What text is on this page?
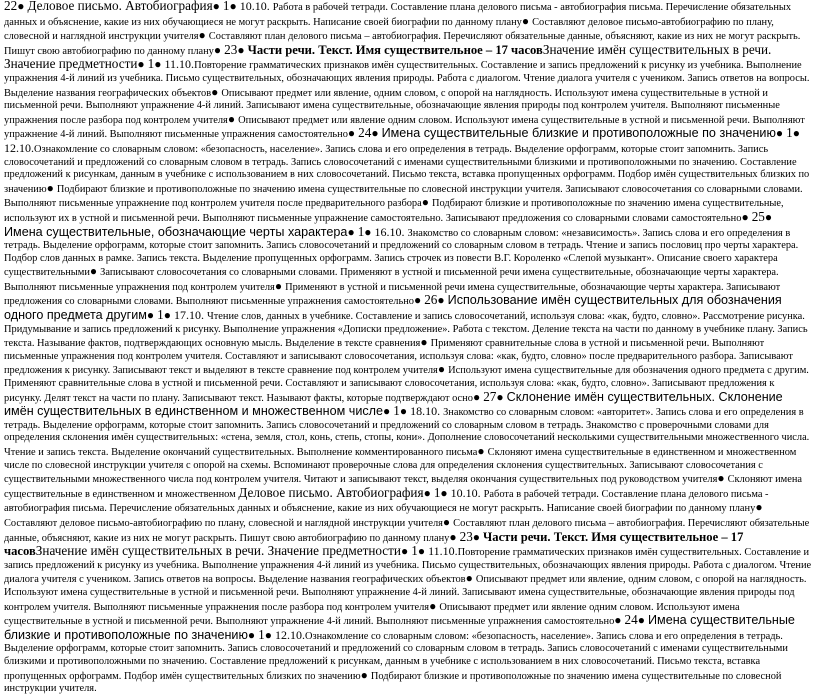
22● Деловое письмо. Автобиография● 1● 10.10. Работа в рабочей тетради. Составление плана делового письма - автобиография письма. Перечисление обязательных данных и объяснение, какие из них обучающиеся не могут раскрыть. Написание своей биографии по данному плану● Составляют деловое письмо-автобиографию по плану, словесной и наглядной инструкции учителя● Составляют план делового письма – автобиография. Перечисляют обязательные данные, объясняют, какие из них не могут раскрыть. Пишут свою автобиографию по данному плану● 23● Части речи. Текст. Имя существительное – 17 часовЗначение имён существительных в речи. Значение предметности● 1● 11.10.Повторение грамматических признаков имён существительных. Составление и запись предложений к рисунку из учебника. Выполнение упражнения 4-й линий из учебника. Письмо существительных, обозначающих явления природы. Работа с диалогом. Чтение диалога учителя с учеником. Запись ответов на вопросы. Выделение названия географических объектов● Описывают предмет или явление, одним словом, с опорой на наглядность. Используют имена существительные в устной и письменной речи. Выполняют упражнение 4-й линий. Записывают имена существительные, обозначающие явления природы под контролем учителя. Выполняют письменные упражнения после разбора под контролем учителя● Описывают предмет или явление одним словом. Используют имена существительные в устной и письменной речи. Выполняют упражнение 4-й линий. Выполняют письменные упражнения самостоятельно● 24● Имена существительные близкие и противоположные по значению● 1● 12.10.Ознакомление со словарным словом: «безопасность, население». Запись слова и его определения в тетрадь. Выделение орфограмм, которые стоит запомнить. Запись словосочетаний и предложений со словарным словом в тетрадь. Запись словосочетаний с именами существительными близкими и противоположными по значению. Составление предложений к рисункам, данным в учебнике с использованием в них словосочетаний. Письмо текста, вставка пропущенных орфограмм. Подбор имён существительных близких по значению● Подбирают близкие и противоположные по значению имена существительные по словесной инструкции учителя. Записывают словосочетания со словарными словами. Выполняют письменные упражнение под контролем учителя после предварительного разбора● Подбирают близкие и противоположные по значению имена существительные, используют их в устной и письменной речи. Выполняют письменные упражнение самостоятельно. Записывают предложения со словарными словами самостоятельно● 25● Имена существительные, обозначающие черты характера● 1● 16.10. Знакомство со словарным словом: «независимость». Запись слова и его определения в тетрадь. Выделение орфограмм, которые стоит запомнить. Запись словосочетаний и предложений со словарным словом в тетрадь. Чтение и запись пословиц про черты характера. Подбор слов данных в рамке. Запись текста. Выделение пропущенных орфограмм. Запись строчек из повести В.Г. Короленко «Слепой музыкант». Описание своего характера существительными● Записывают словосочетания со словарными словами. Применяют в устной и письменной речи имена существительные, обозначающие черты характера. Выполняют письменные упражнения под контролем учителя● Применяют в устной и письменной речи имена существительные, обозначающие черты характера. Записывают предложения со словарными словами. Выполняют письменные упражнения самостоятельно● 26● Использование имён существительных для обозначения одного предмета другим● 1● 17.10. Чтение слов, данных в учебнике. Составление и запись словосочетаний, используя слова: «как, будто, словно». Рассмотрение рисунка. Придумывание и запись предложений к рисунку. Выполнение упражнения «Дописки предложение». Работа с текстом. Деление текста на части по данному в учебнике плану. Запись текста. Называние фактов, подтверждающих основную мысль. Выделение в тексте сравнения● Применяют сравнительные слова в устной и письменной речи. Выполняют письменные упражнения под контролем учителя. Составляют и записывают словосочетания, используя слова: «как, будто, словно» после предварительного разбора. Записывают предложения к рисунку. Записывают текст и выделяют в тексте сравнение под контролем учителя● Используют имена существительные для обозначения одного предмета с другим. Применяют сравнительные слова в устной и письменной речи. Составляют и записывают словосочетания, используя слова: «как, будто, словно». Записывают предложения к рисунку. Делят текст на части по плану. Записывают текст. Называют факты, которые подтверждают осно● 27● Склонение имён существительных. Склонение имён существительных в единственном и множественном числе● 1● 18.10. Знакомство со словарным словом: «авторитет». Запись слова и его определения в тетрадь. Выделение орфограмм, которые стоит запомнить. Запись словосочетаний и предложений со словарным словом в тетрадь. Знакомство с проверочными словами для определения склонения имён существительных: «стена, земля, стол, конь, степь, стопы, кони». Дополнение словосочетаний несколькими существительными множественного числа. Чтение и запись текста. Выделение окончаний существительных. Выполнение комментированного письма● Склоняют имена существительные в единственном и множественном числе по словесной инструкции учителя с опорой на схемы. Вспоминают проверочные слова для определения склонения существительных. Записывают словосочетания с существительными множественного числа под контролем учителя. Читают и записывают текст, выделяя окончания существительных под руководством учителя● Склоняют имена существительные в единственном и множественном Деловое письмо. Автобиография● 1● 10.10. Работа в рабочей тетради. Составление плана делового письма - автобиография письма. Перечисление обязательных данных и объяснение, какие из них обучающиеся не могут раскрыть. Написание своей биографии по данному плану● Составляют деловое письмо-автобиографию по плану, словесной и наглядной инструкции учителя● Составляют план делового письма – автобиография. Перечисляют обязательные данные, объясняют, какие из них не могут раскрыть. Пишут свою автобиографию по данному плану● 23● Части речи. Текст. Имя существительное – 17 часовЗначение имён существительных в речи. Значение предметности● 1● 11.10.Повторение грамматических признаков имён существительных. Составление и запись предложений к рисунку из учебника. Выполнение упражнения 4-й линий из учебника. Письмо существительных, обозначающих явления природы. Работа с диалогом. Чтение диалога учителя с учеником. Запись ответов на вопросы. Выделение названия географических объектов● Описывают предмет или явление, одним словом, с опорой на наглядность. Используют имена существительные в устной и письменной речи. Выполняют упражнение 4-й линий. Записывают имена существительные, обозначающие явления природы под контролем учителя. Выполняют письменные упражнения после разбора под контролем учителя● Описывают предмет или явление одним словом. Используют имена существительные в устной и письменной речи. Выполняют упражнение 4-й линий. Выполняют письменные упражнения самостоятельно● 24● Имена существительные близкие и противоположные по значению● 1● 12.10.Ознакомление со словарным словом: «безопасность, население». Запись слова и его определения в тетрадь. Выделение орфограмм, которые стоит запомнить. Запись словосочетаний и предложений со словарным словом в тетрадь. Запись словосочетаний с именами существительными близкими и противоположными по значению. Составление предложений к рисункам, данным в учебнике с использованием в них словосочетаний. Письмо текста, вставка пропущенных орфограмм. Подбор имён существительных близких по значению● Подбирают близкие и противоположные по значению имена существительные по словесной инструкции учителя.
